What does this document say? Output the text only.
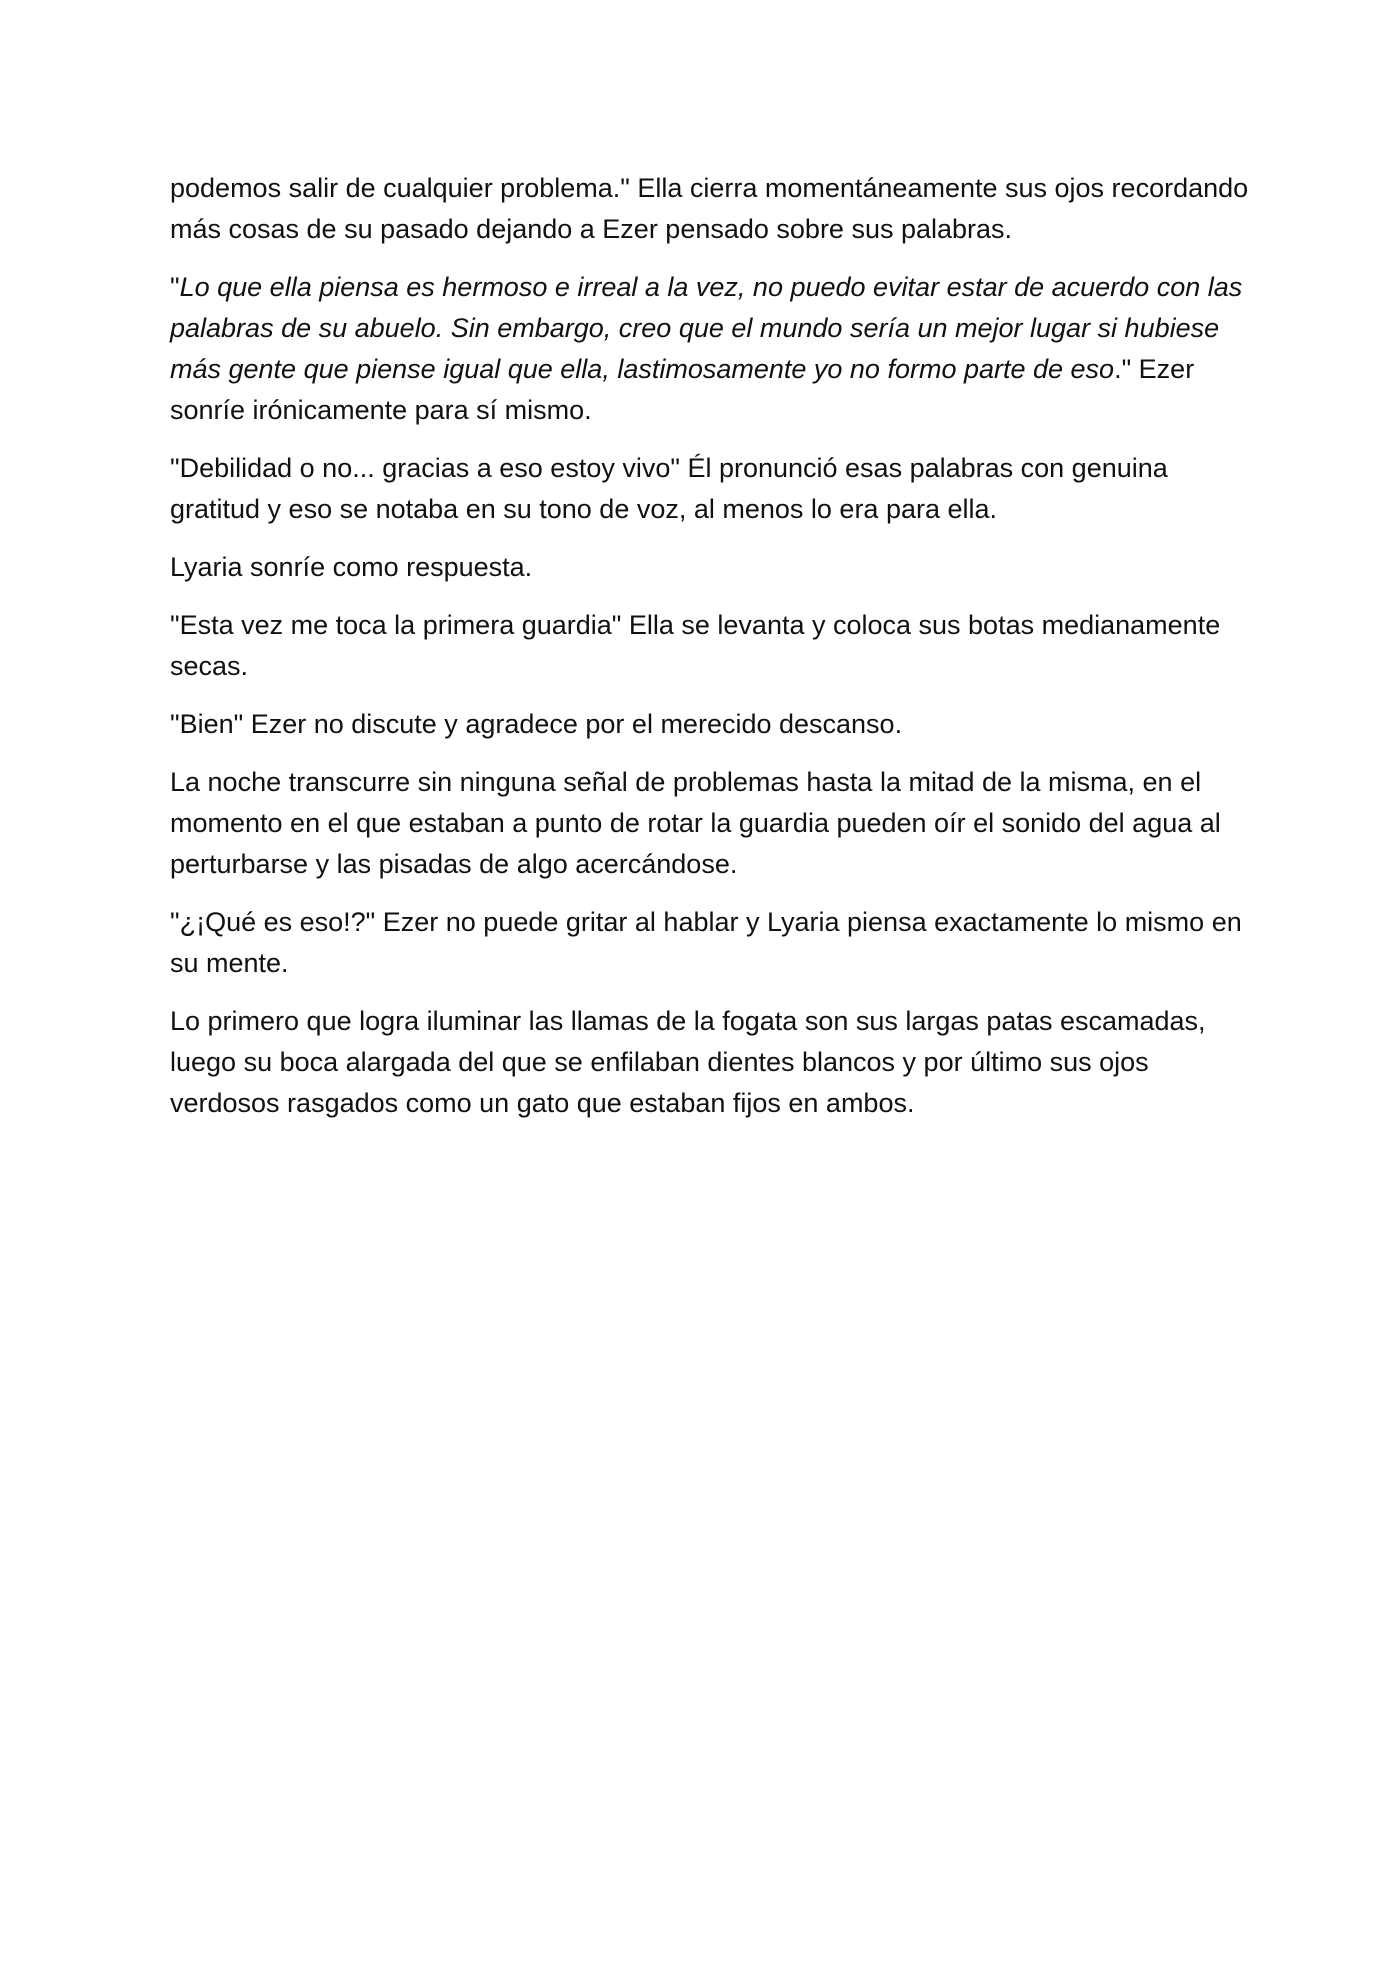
podemos salir de cualquier problema." Ella cierra momentáneamente sus ojos recordando más cosas de su pasado dejando a Ezer pensado sobre sus palabras.

"Lo que ella piensa es hermoso e irreal a la vez, no puedo evitar estar de acuerdo con las palabras de su abuelo. Sin embargo, creo que el mundo sería un mejor lugar si hubiese más gente que piense igual que ella, lastimosamente yo no formo parte de eso." Ezer sonríe irónicamente para sí mismo.

"Debilidad o no... gracias a eso estoy vivo" Él pronunció esas palabras con genuina gratitud y eso se notaba en su tono de voz, al menos lo era para ella.

Lyaria sonríe como respuesta.

"Esta vez me toca la primera guardia" Ella se levanta y coloca sus botas medianamente secas.

"Bien" Ezer no discute y agradece por el merecido descanso.

La noche transcurre sin ninguna señal de problemas hasta la mitad de la misma, en el momento en el que estaban a punto de rotar la guardia pueden oír el sonido del agua al perturbarse y las pisadas de algo acercándose.

"¿¡Qué es eso!?" Ezer no puede gritar al hablar y Lyaria piensa exactamente lo mismo en su mente.

Lo primero que logra iluminar las llamas de la fogata son sus largas patas escamadas, luego su boca alargada del que se enfilaban dientes blancos y por último sus ojos verdosos rasgados como un gato que estaban fijos en ambos.
